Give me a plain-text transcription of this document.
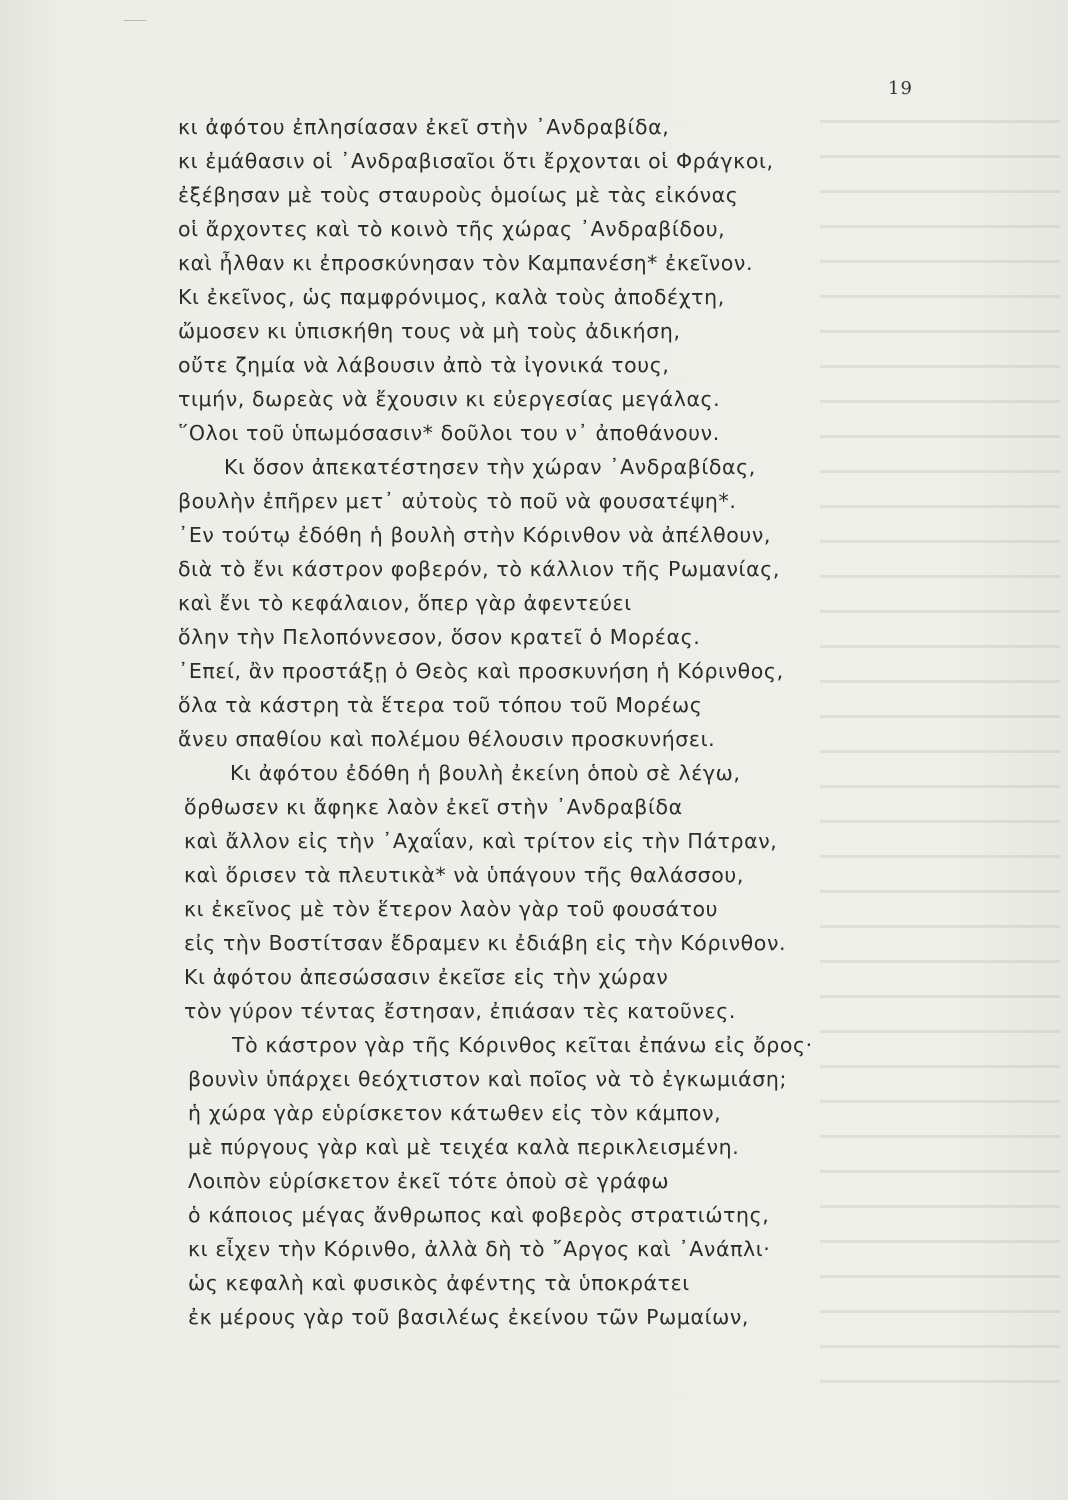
19
κι ἀφότου ἐπλησίασαν ἐκεῖ στὴν ᾿Ανδραβίδα,
κι ἐμάθασιν οἱ ᾿Ανδραβισαῖοι ὅτι ἔρχονται οἱ Φράγκοι,
ἐξέβησαν μὲ τοὺς σταυροὺς ὁμοίως μὲ τὰς εἰκόνας
οἱ ἄρχοντες καὶ τὸ κοινὸ τῆς χώρας ᾿Ανδραβίδου,
καὶ ἦλθαν κι ἐπροσκύνησαν τὸν Καμπανέση* ἐκεῖνον.
Κι ἐκεῖνος, ὡς παμφρόνιμος, καλὰ τοὺς ἀποδέχτη,
ὤμοσεν κι ὑπισκήθη τους νὰ μὴ τοὺς ἀδικήση,
οὔτε ζημία νὰ λάβουσιν ἀπὸ τὰ ἰγονικά τους,
τιμήν, δωρεὰς νὰ ἔχουσιν κι εὐεργεσίας μεγάλας.
῞Ολοι τοῦ ὑπωμόσασιν* δοῦλοι του ν᾿ ἀποθάνουν.
Κι ὅσον ἀπεκατέστησεν τὴν χώραν ᾿Ανδραβίδας,
βουλὴν ἐπῆρεν μετ᾿ αὐτοὺς τὸ ποῦ νὰ φουσατέψη*.
᾿Εν τούτῳ ἐδόθη ἡ βουλὴ στὴν Κόρινθον νὰ ἀπέλθουν,
διὰ τὸ ἔνι κάστρον φοβερόν, τὸ κάλλιον τῆς Ρωμανίας,
καὶ ἔνι τὸ κεφάλαιον, ὅπερ γὰρ ἀφεντεύει
ὅλην τὴν Πελοπόννεσον, ὅσον κρατεῖ ὁ Μορέας.
᾿Επεί, ἂν προστάξῃ ὁ Θεὸς καὶ προσκυνήση ἡ Κόρινθος,
ὅλα τὰ κάστρη τὰ ἕτερα τοῦ τόπου τοῦ Μορέως
ἄνευ σπαθίου καὶ πολέμου θέλουσιν προσκυνήσει.
Κι ἀφότου ἐδόθη ἡ βουλὴ ἐκείνη ὁποὺ σὲ λέγω,
ὅρθωσεν κι ἄφηκε λαὸν ἐκεῖ στὴν ᾿Ανδραβίδα
καὶ ἄλλον εἰς τὴν ᾿Αχαΐαν, καὶ τρίτον εἰς τὴν Πάτραν,
καὶ ὅρισεν τὰ πλευτικὰ* νὰ ὑπάγουν τῆς θαλάσσου,
κι ἐκεῖνος μὲ τὸν ἕτερον λαὸν γὰρ τοῦ φουσάτου
εἰς τὴν Βοστίτσαν ἔδραμεν κι ἐδιάβη εἰς τὴν Κόρινθον.
Κι ἀφότου ἀπεσώσασιν ἐκεῖσε εἰς τὴν χώραν
τὸν γύρον τέντας ἔστησαν, ἐπιάσαν τὲς κατοῦνες.
Τὸ κάστρον γὰρ τῆς Κόρινθος κεῖται ἐπάνω εἰς ὄρος·
βουνὶν ὑπάρχει θεόχτιστον καὶ ποῖος νὰ τὸ ἐγκωμιάση;
ἡ χώρα γὰρ εὑρίσκετον κάτωθεν εἰς τὸν κάμπον,
μὲ πύργους γὰρ καὶ μὲ τειχέα καλὰ περικλεισμένη.
Λοιπὸν εὑρίσκετον ἐκεῖ τότε ὁποὺ σὲ γράφω
ὁ κάποιος μέγας ἄνθρωπος καὶ φοβερὸς στρατιώτης,
κι εἶχεν τὴν Κόρινθο, ἀλλὰ δὴ τὸ ῎Αργος καὶ ᾿Ανάπλι·
ὡς κεφαλὴ καὶ φυσικὸς ἀφέντης τὰ ὑποκράτει
ἐκ μέρους γὰρ τοῦ βασιλέως ἐκείνου τῶν Ρωμαίων,
